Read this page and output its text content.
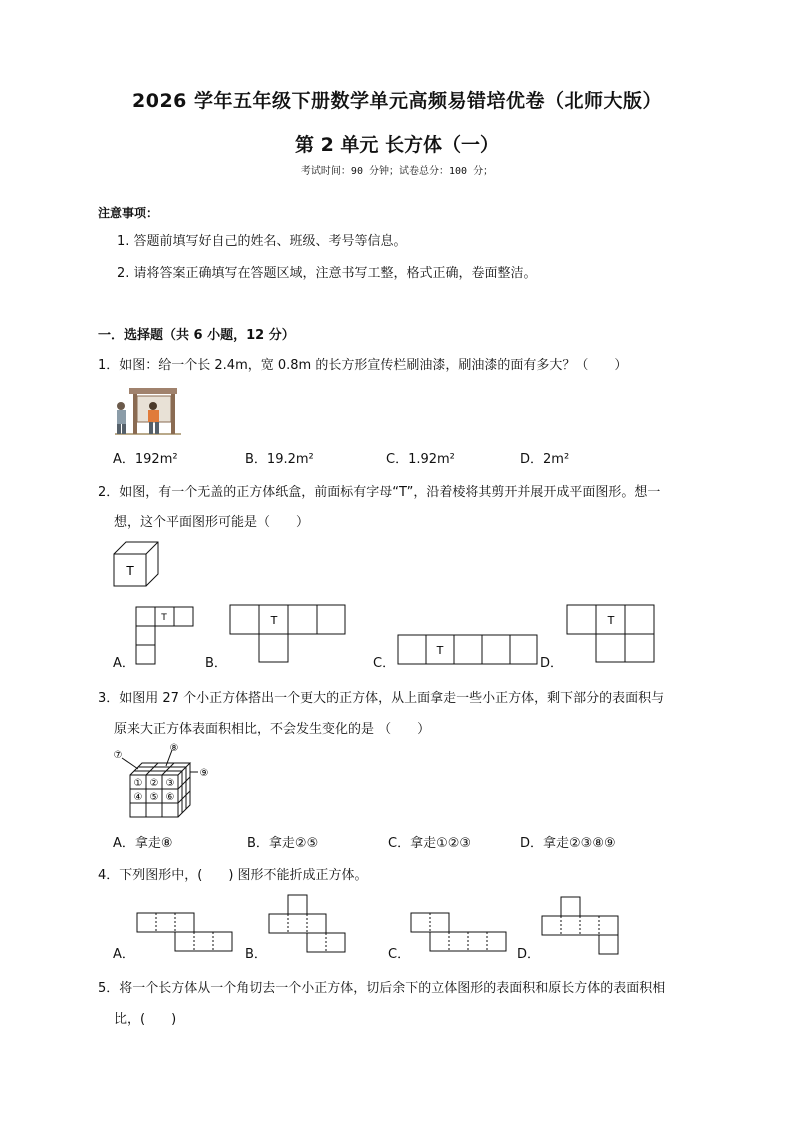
2026 学年五年级下册数学单元高频易错培优卷（北师大版）
第 2 单元 长方体（一）
考试时间：90 分钟；试卷总分：100 分；
注意事项：
1. 答题前填写好自己的姓名、班级、考号等信息。
2. 请将答案正确填写在答题区域，注意书写工整，格式正确，卷面整洁。
一．选择题（共 6 小题，12 分）
1．如图：给一个长 2.4m，宽 0.8m 的长方形宣传栏刷油漆，刷油漆的面有多大？（　　）
A．192m²	B．19.2m²	C．1.92m²	D．2m²
2．如图，有一个无盖的正方体纸盒，前面标有字母“T”，沿着棱将其剪开并展开成平面图形。想一
想，这个平面图形可能是（　　）
T
T
A．
T
B．
T
C．
T
D．
3．如图用 27 个小正方体搭出一个更大的正方体，从上面拿走一些小正方体，剩下部分的表面积与
原来大正方体表面积相比，不会发生变化的是 （　　）
① ② ③
④ ⑤ ⑥
⑦
⑧
⑨
A．拿走⑧	B．拿走②⑤	C．拿走①②③	D．拿走②③⑧⑨
4．下列图形中，(　　) 图形不能折成正方体。
A．	B．	C．	D．
5．将一个长方体从一个角切去一个小正方体，切后余下的立体图形的表面积和原长方体的表面积相
比，(　　)
